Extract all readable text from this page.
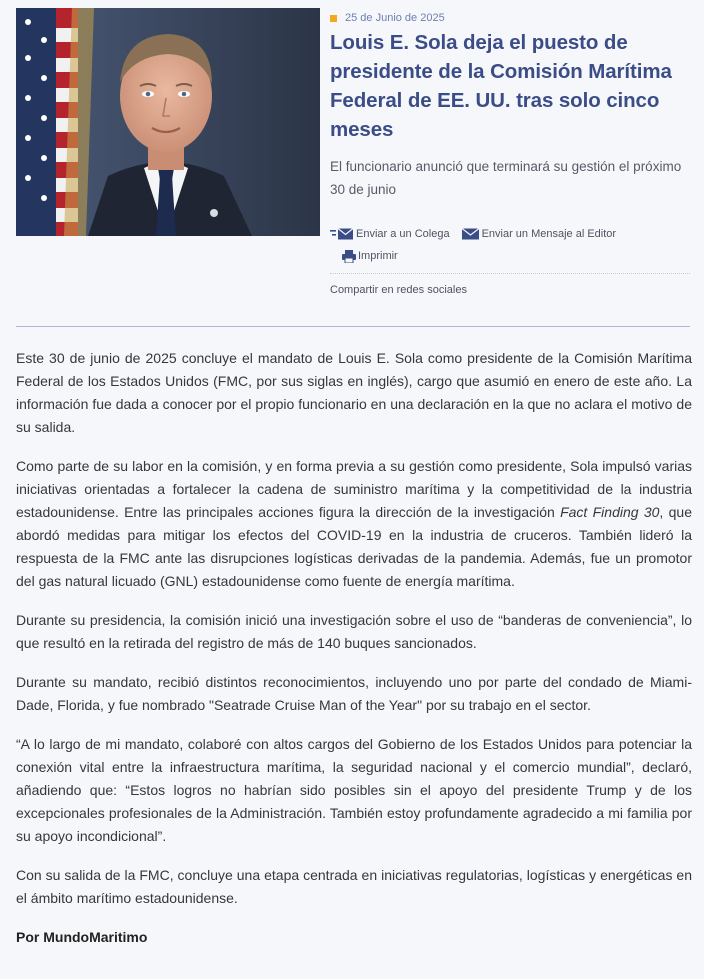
25 de Junio de 2025
Louis E. Sola deja el puesto de presidente de la Comisión Marítima Federal de EE. UU. tras solo cinco meses

El funcionario anunció que terminará su gestión el próximo 30 de junio

Enviar a un Colega	Enviar un Mensaje al Editor
Imprimir
Compartir en redes sociales

Este 30 de junio de 2025 concluye el mandato de Louis E. Sola como presidente de la Comisión Marítima Federal de los Estados Unidos (FMC, por sus siglas en inglés), cargo que asumió en enero de este año. La información fue dada a conocer por el propio funcionario en una declaración en la que no aclara el motivo de su salida.

Como parte de su labor en la comisión, y en forma previa a su gestión como presidente, Sola impulsó varias iniciativas orientadas a fortalecer la cadena de suministro marítima y la competitividad de la industria estadounidense. Entre las principales acciones figura la dirección de la investigación Fact Finding 30, que abordó medidas para mitigar los efectos del COVID-19 en la industria de cruceros. También lideró la respuesta de la FMC ante las disrupciones logísticas derivadas de la pandemia. Además, fue un promotor del gas natural licuado (GNL) estadounidense como fuente de energía marítima.

Durante su presidencia, la comisión inició una investigación sobre el uso de “banderas de conveniencia”, lo que resultó en la retirada del registro de más de 140 buques sancionados.

Durante su mandato, recibió distintos reconocimientos, incluyendo uno por parte del condado de Miami-Dade, Florida, y fue nombrado "Seatrade Cruise Man of the Year" por su trabajo en el sector.

“A lo largo de mi mandato, colaboré con altos cargos del Gobierno de los Estados Unidos para potenciar la conexión vital entre la infraestructura marítima, la seguridad nacional y el comercio mundial”, declaró, añadiendo que: “Estos logros no habrían sido posibles sin el apoyo del presidente Trump y de los excepcionales profesionales de la Administración. También estoy profundamente agradecido a mi familia por su apoyo incondicional”.

Con su salida de la FMC, concluye una etapa centrada en iniciativas regulatorias, logísticas y energéticas en el ámbito marítimo estadounidense.

Por MundoMaritimo
